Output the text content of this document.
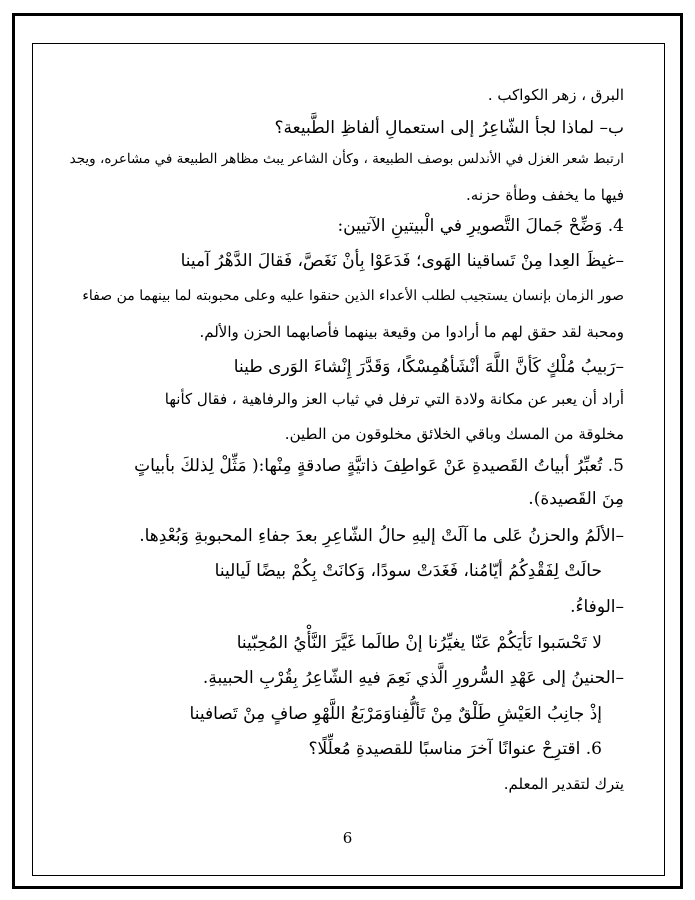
البرق ، زهر الكواكب .
ب– لماذا لجأ الشّاعِرُ إلى استعمالِ ألفاظِ الطَّبيعة؟
ارتبط شعر الغزل في الأندلس بوصف الطبيعة ، وكأن الشاعر يبث مظاهر الطبيعة في مشاعره، ويجد
فيها ما يخفف وطأة حزنه.
4. وَضِّحْ جَمالَ التَّصويرِ في الْبيتينِ الآتيين:
–غيظَ العِدا مِنْ تَساقينا الهَوى؛ فَدَعَوْا بِأنْ نَغَصَّ، فَقالَ الدَّهْرُ آمينا
صور الزمان بإنسان يستجيب لطلب الأعداء الذين حنقوا عليه وعلى محبوبته لما بينهما من صفاء
ومحبة لقد حقق لهم ما أرادوا من وقيعة بينهما فأصابهما الحزن والألم.
–رَبيبُ مُلْكٍ كَأنَّ اللَّهَ أنْشَأهُمِسْكًا، وَقَدَّرَ إِنْشاءَ الوَرى طينا
أراد أن يعبر عن مكانة ولادة التي ترفل في ثياب العز والرفاهية ، فقال كأنها
مخلوقة من المسك وباقي الخلائق مخلوقون من الطين.
5. تُعبِّرُ أبياتُ القَصيدةِ عَنْ عَواطِفَ ذاتيَّةٍ صادقةٍ مِنْها:( مَثِّلْ لِذلكَ بأبياتٍ
مِنَ القَصيدة).
–الألَمُ والحزنُ عَلى ما آلَتْ إليهِ حالُ الشّاعِرِ بعدَ جفاءِ المحبوبةِ وَبُعْدِها.
حالَتْ لِفَقْدِكُمُ أيّامُنا، فَغَدَتْ سودًا، وَكانَتْ بِكُمْ بيضًا لَيالينا
–الوفاءُ.
لا تَحْسَبوا نَأيَكُمْ عَنّا يغيِّرُنا إنْ طالَما غَيَّرَ النَّأْيُ المُحِبّينا
–الحنينُ إلى عَهْدِ السُّرورِ الَّذي نَعِمَ فيهِ الشّاعِرُ بِقُرْبِ الحبيبةِ.
إذْ جانِبُ العَيْشِ طَلْقٌ مِنْ تَألُّفِناوَمَرْبَعُ اللَّهْوِ صافٍ مِنْ تَصافينا
6. اقترِحْ عنوانًا آخرَ مناسبًا للقصيدةِ مُعلِّلًا؟
يترك لتقدير المعلم.
6
